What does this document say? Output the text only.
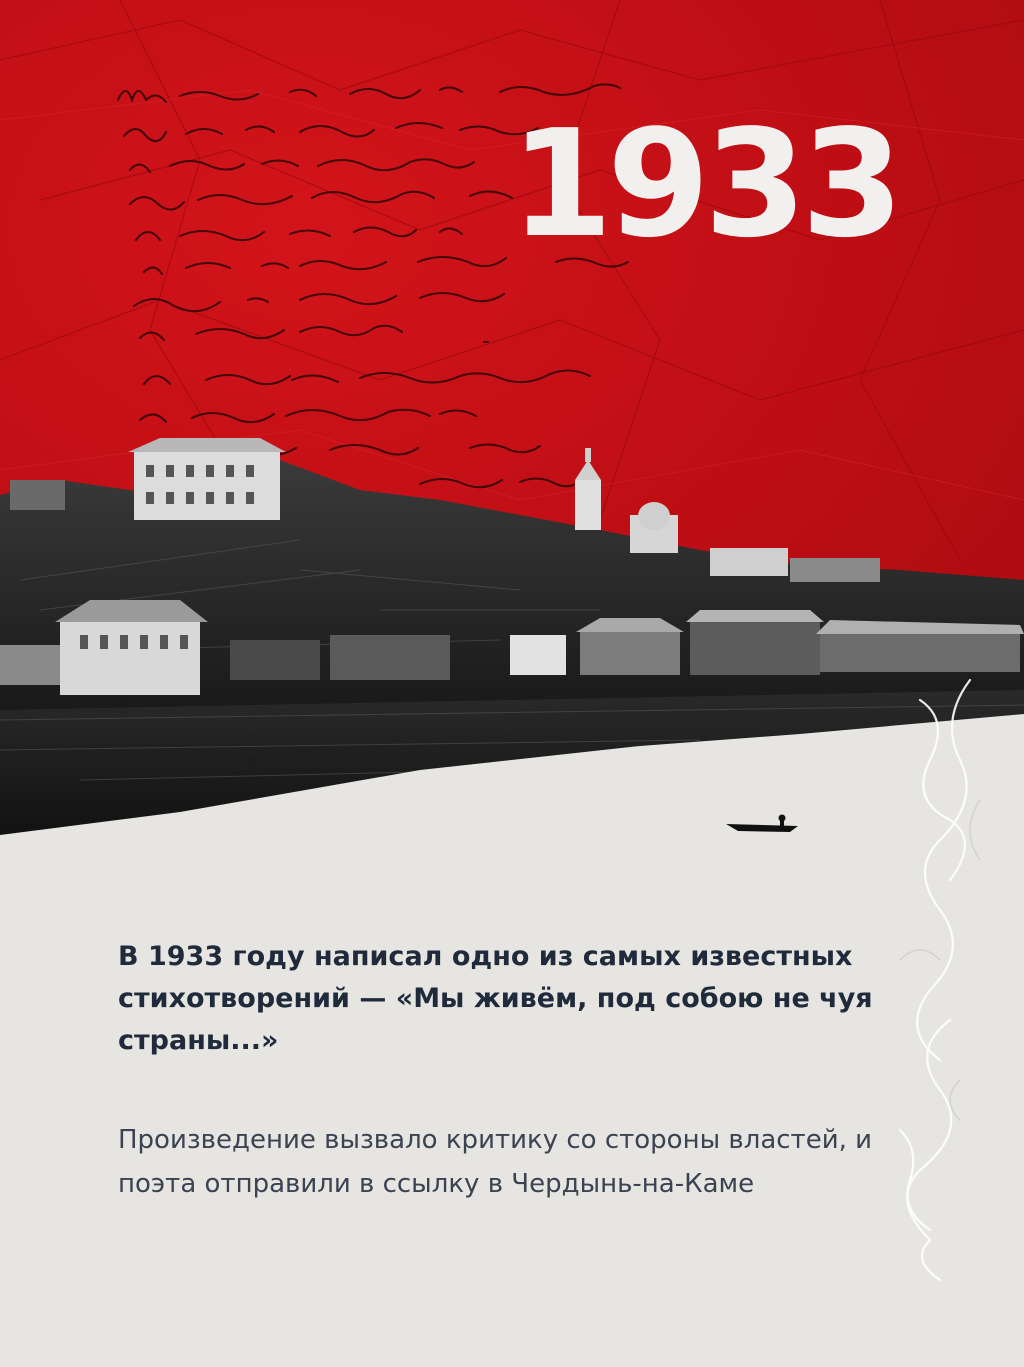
1933

В 1933 году написал одно из самых известных стихотворений — «Мы живём, под собою не чуя страны...»

Произведение вызвало критику со стороны властей, и поэта отправили в ссылку в Чердынь-на-Каме
